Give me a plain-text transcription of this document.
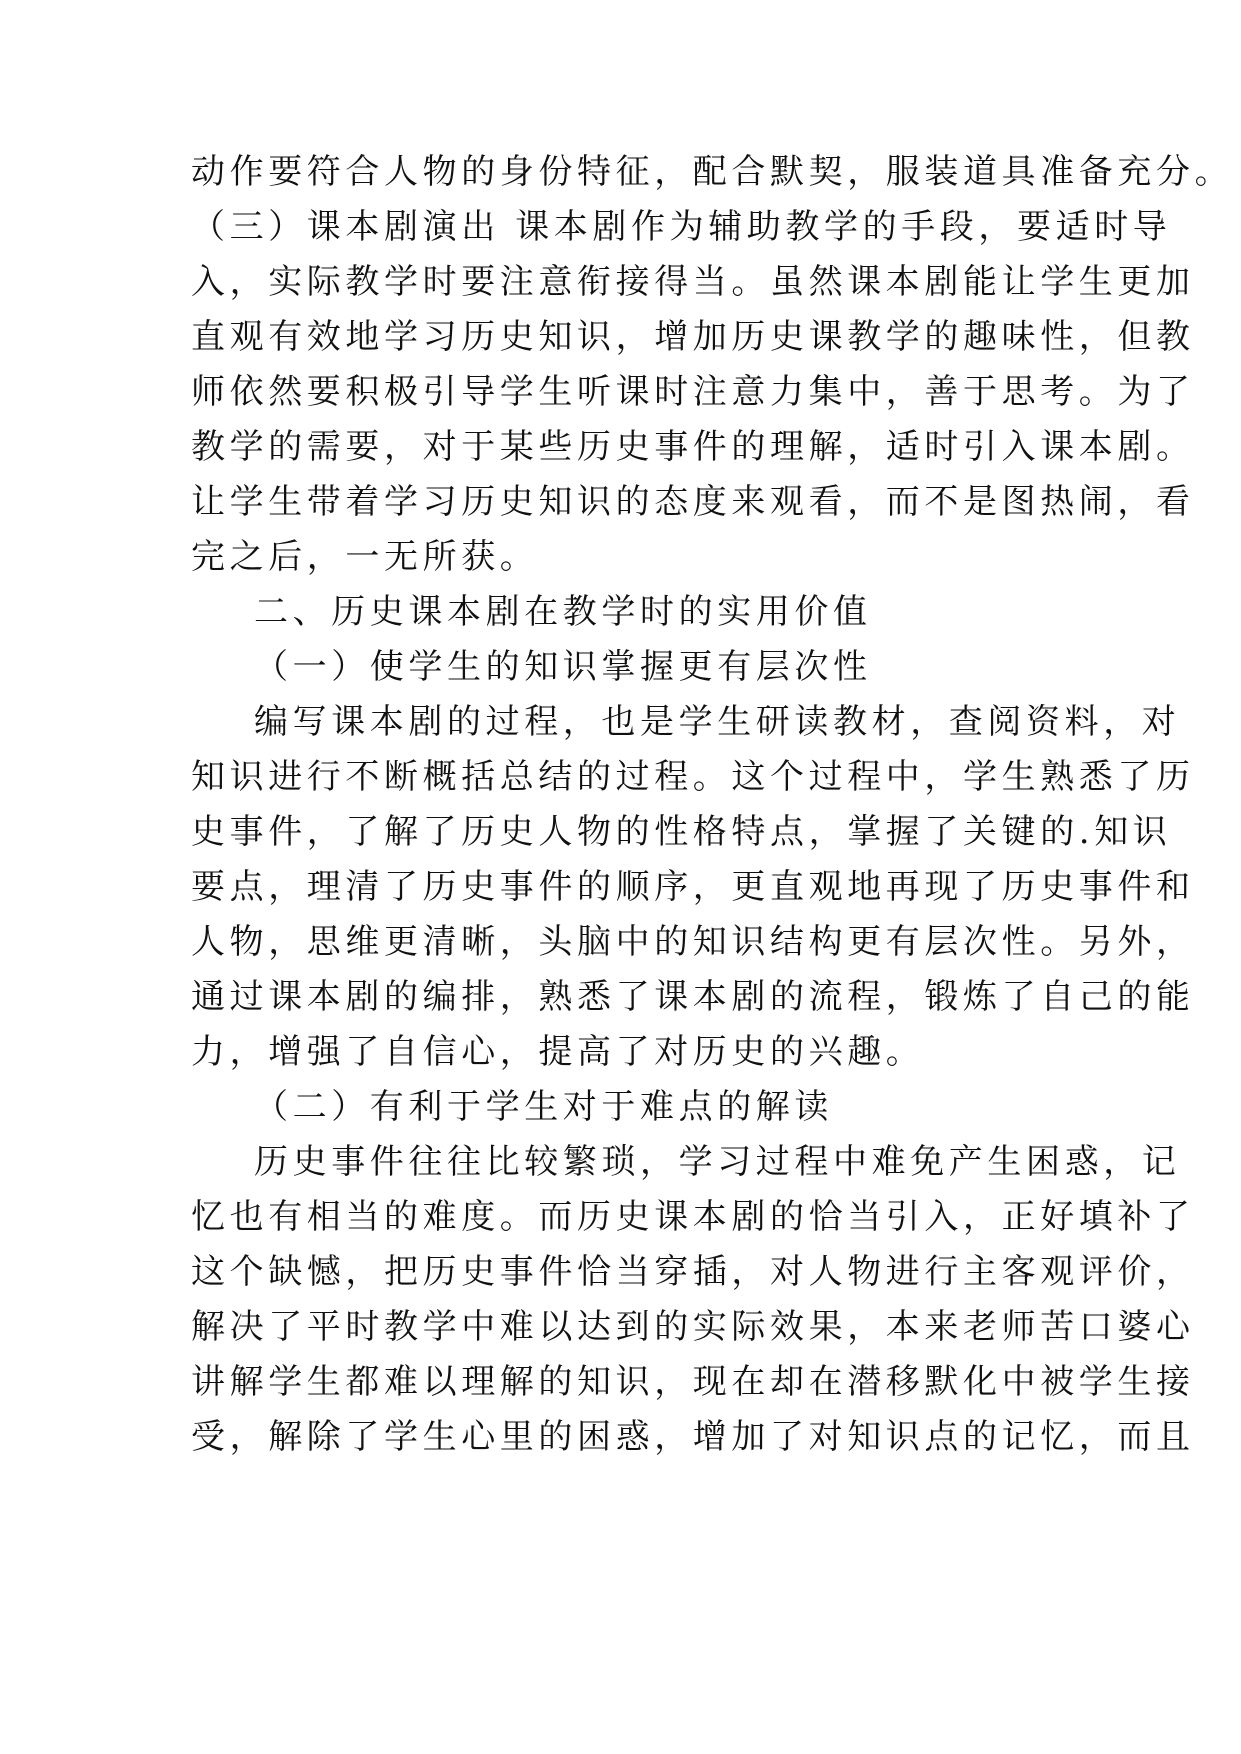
动作要符合人物的身份特征，配合默契，服装道具准备充分。
（三）课本剧演出 课本剧作为辅助教学的手段，要适时导
入，实际教学时要注意衔接得当。虽然课本剧能让学生更加
直观有效地学习历史知识，增加历史课教学的趣味性，但教
师依然要积极引导学生听课时注意力集中，善于思考。为了
教学的需要，对于某些历史事件的理解，适时引入课本剧。
让学生带着学习历史知识的态度来观看，而不是图热闹，看
完之后，一无所获。
二、历史课本剧在教学时的实用价值
（一）使学生的知识掌握更有层次性
编写课本剧的过程，也是学生研读教材，查阅资料，对
知识进行不断概括总结的过程。这个过程中，学生熟悉了历
史事件，了解了历史人物的性格特点，掌握了关键的.知识
要点，理清了历史事件的顺序，更直观地再现了历史事件和
人物，思维更清晰，头脑中的知识结构更有层次性。另外，
通过课本剧的编排，熟悉了课本剧的流程，锻炼了自己的能
力，增强了自信心，提高了对历史的兴趣。
（二）有利于学生对于难点的解读
历史事件往往比较繁琐，学习过程中难免产生困惑，记
忆也有相当的难度。而历史课本剧的恰当引入，正好填补了
这个缺憾，把历史事件恰当穿插，对人物进行主客观评价，
解决了平时教学中难以达到的实际效果，本来老师苦口婆心
讲解学生都难以理解的知识，现在却在潜移默化中被学生接
受，解除了学生心里的困惑，增加了对知识点的记忆，而且
